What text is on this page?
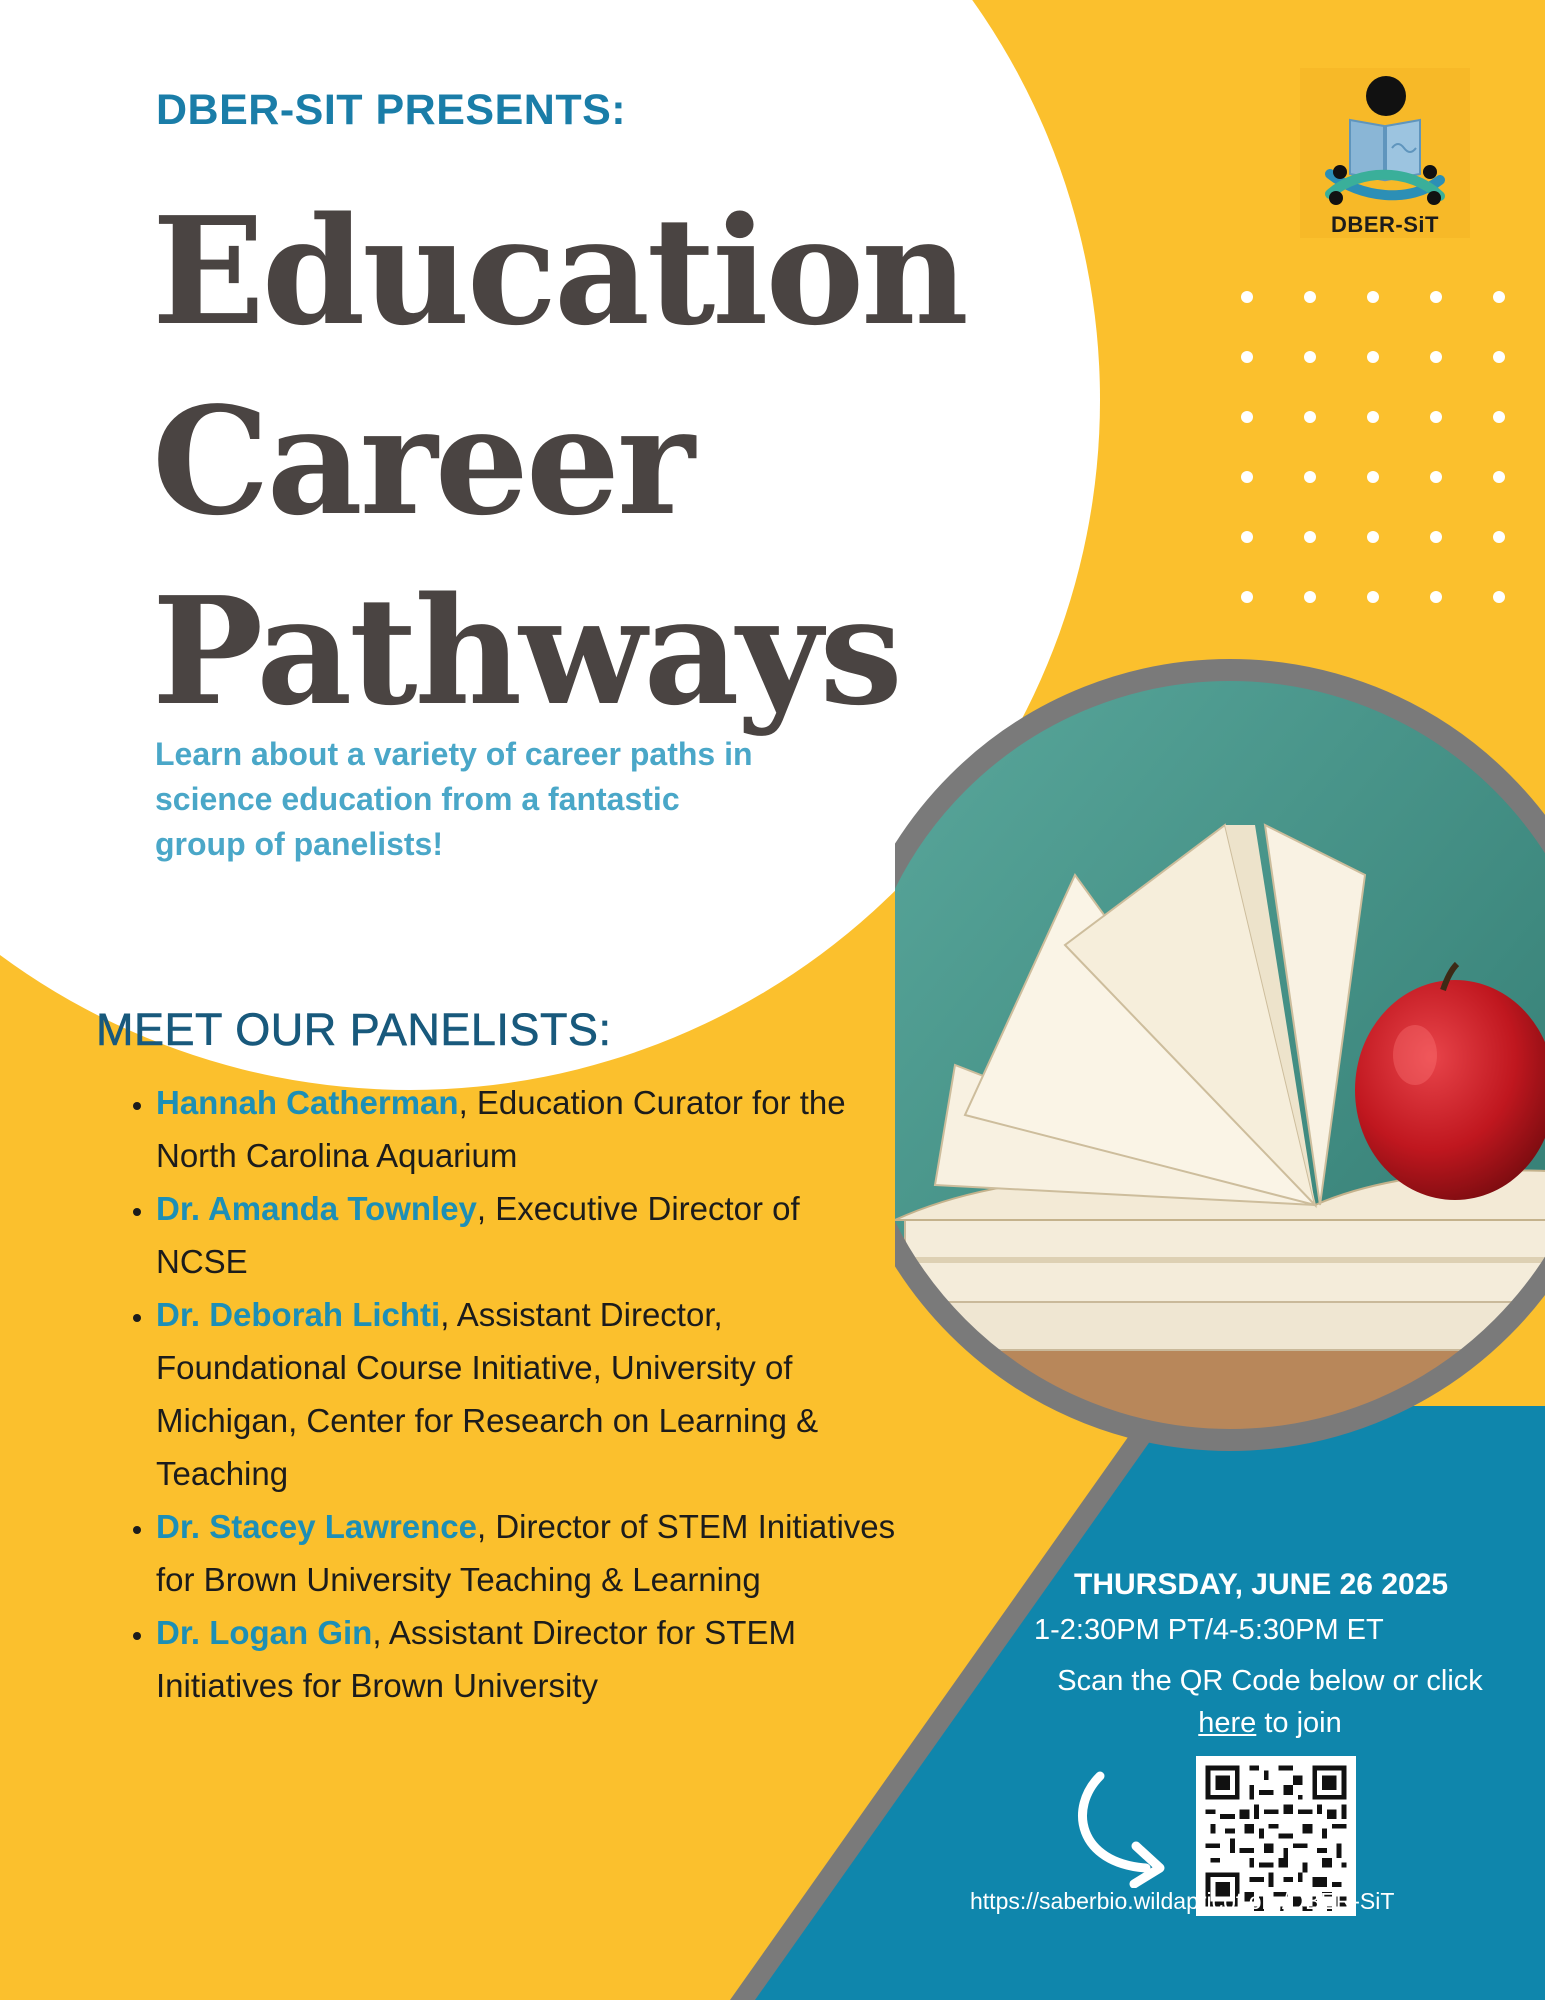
DBER-SiT

DBER-SIT PRESENTS:

Education
Career
Pathways

Learn about a variety of career paths in science education from a fantastic group of panelists!

MEET OUR PANELISTS:
• Hannah Catherman, Education Curator for the North Carolina Aquarium
• Dr. Amanda Townley, Executive Director of NCSE
• Dr. Deborah Lichti, Assistant Director, Foundational Course Initiative, University of Michigan, Center for Research on Learning & Teaching
• Dr. Stacey Lawrence, Director of STEM Initiatives for Brown University Teaching & Learning
• Dr. Logan Gin, Assistant Director for STEM Initiatives for Brown University

THURSDAY, JUNE 26 2025

1-2:30PM PT/4-5:30PM ET

Scan the QR Code below or click here to join

https://saberbio.wildapricot.org/DBER-SiT
